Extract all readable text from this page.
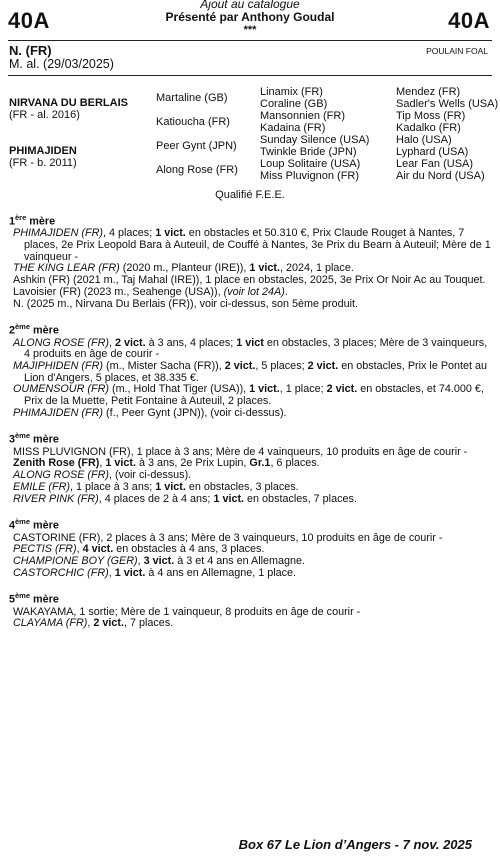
40A
Ajout au catalogue
Présenté par Anthony Goudal
***	40A
N. (FR)
M. al. (29/03/2025)
POULAIN FOAL
NIRVANA DU BERLAIS
(FR - al. 2016)
PHIMAJIDEN
(FR - b. 2011)
Martaline (GB)
Katioucha (FR)
Peer Gynt (JPN)
Along Rose (FR)
Linamix (FR)
Coraline (GB)
Mansonnien (FR)
Kadaina (FR)
Sunday Silence (USA)
Twinkle Bride (JPN)
Loup Solitaire (USA)
Miss Pluvignon (FR)
Mendez (FR)
Sadler's Wells (USA)
Tip Moss (FR)
Kadalko (FR)
Halo (USA)
Lyphard (USA)
Lear Fan (USA)
Air du Nord (USA)
Qualifié F.E.E.
1ère mère
PHIMAJIDEN (FR), 4 places; 1 vict. en obstacles et 50.310 €, Prix Claude Rouget à Nantes, 7 places, 2e Prix Leopold Bara à Auteuil, de Couffé à Nantes, 3e Prix du Bearn à Auteuil; Mère de 1 vainqueur -
THE KING LEAR (FR) (2020 m., Planteur (IRE)), 1 vict., 2024, 1 place.
Ashkin (FR) (2021 m., Taj Mahal (IRE)), 1 place en obstacles, 2025, 3e Prix Or Noir Ac au Touquet.
Lavoisier (FR) (2023 m., Seahenge (USA)), (voir lot 24A).
N. (2025 m., Nirvana Du Berlais (FR)), voir ci-dessus, son 5ème produit.
2ème mère
ALONG ROSE (FR), 2 vict. à 3 ans, 4 places; 1 vict en obstacles, 3 places; Mère de 3 vainqueurs, 4 produits en âge de courir -
MAJIPHIDEN (FR) (m., Mister Sacha (FR)), 2 vict., 5 places; 2 vict. en obstacles, Prix le Pontet au Lion d'Angers, 5 places, et 38.335 €.
OUMENSOUR (FR) (m., Hold That Tiger (USA)), 1 vict., 1 place; 2 vict. en obstacles, et 74.000 €, Prix de la Muette, Petit Fontaine à Auteuil, 2 places.
PHIMAJIDEN (FR) (f., Peer Gynt (JPN)), (voir ci-dessus).
3ème mère
MISS PLUVIGNON (FR), 1 place à 3 ans; Mère de 4 vainqueurs, 10 produits en âge de courir -
Zenith Rose (FR), 1 vict. à 3 ans, 2e Prix Lupin, Gr.1, 6 places.
ALONG ROSE (FR), (voir ci-dessus).
EMILE (FR), 1 place à 3 ans; 1 vict. en obstacles, 3 places.
RIVER PINK (FR), 4 places de 2 à 4 ans; 1 vict. en obstacles, 7 places.
4ème mère
CASTORINE (FR), 2 places à 3 ans; Mère de 3 vainqueurs, 10 produits en âge de courir -
PECTIS (FR), 4 vict. en obstacles à 4 ans, 3 places.
CHAMPIONE BOY (GER), 3 vict. à 3 et 4 ans en Allemagne.
CASTORCHIC (FR), 1 vict. à 4 ans en Allemagne, 1 place.
5ème mère
WAKAYAMA, 1 sortie; Mère de 1 vainqueur, 8 produits en âge de courir -
CLAYAMA (FR), 2 vict., 7 places.
Box 67 Le Lion d’Angers - 7 nov. 2025
